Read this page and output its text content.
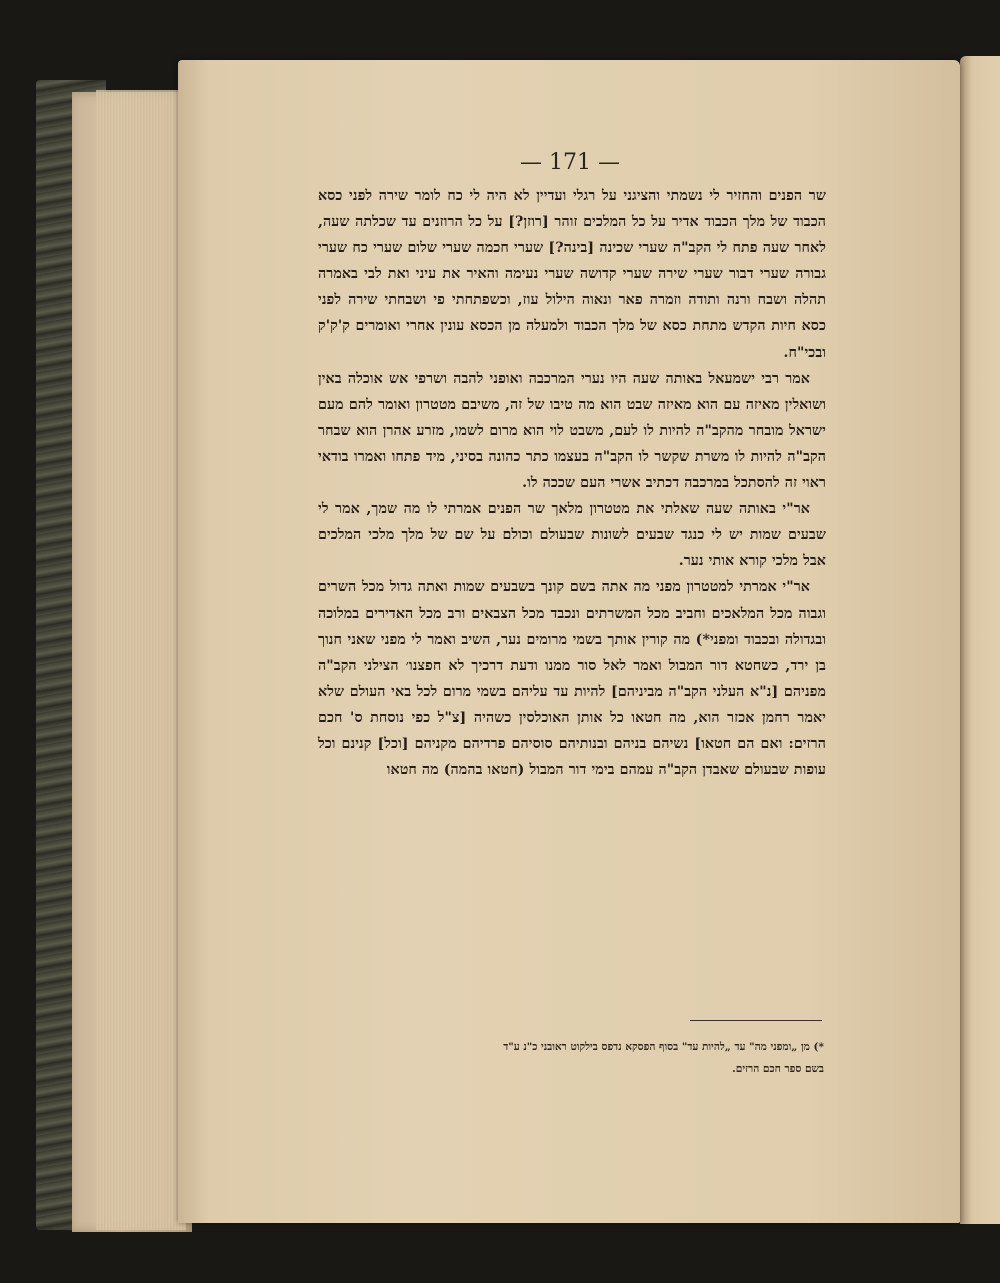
— 171 —

שר הפנים והחזיר לי נשמתי והציגני על רגלי ועדיין לא היה לי כח לומר שירה לפני כסא הכבוד של מלך הכבוד אדיר על כל המלכים זוהר [רוזן?] על כל הרוזנים עד שכלתה שעה, לאחר שעה פתח לי הקב"ה שערי שכינה [בינה?] שערי חכמה שערי שלום שערי כח שערי גבורה שערי דבור שערי שירה שערי קדושה שערי נעימה והאיר את עיני ואת לבי באמרה תהלה ושבח ורנה ותודה וזמרה פאר ונאוה הילול עוז, וכשפתחתי פי ושבחתי שירה לפני כסא חיות הקדש מתחת כסא של מלך הכבוד ולמעלה מן הכסא עונין אחרי ואומרים ק'ק'ק ובכי"ח.

אמר רבי ישמעאל באותה שעה היו נערי המרכבה ואופני להבה ושרפי אש אוכלה באין ושואלין מאיזה עם הוא מאיזה שבט הוא מה טיבו של זה, משיבם מטטרון ואומר להם מעם ישראל מובחר מהקב"ה להיות לו לעם, משבט לוי הוא מרום לשמו, מזרע אהרן הוא שבחר הקב"ה להיות לו משרת שקשר לו הקב"ה בעצמו כתר כהונה בסיני, מיד פתחו ואמרו בודאי ראוי זה להסתכל במרכבה דכתיב אשרי העם שככה לו.

אר"י באותה שעה שאלתי את מטטרון מלאך שר הפנים אמרתי לו מה שמך, אמר לי שבעים שמות יש לי כנגד שבעים לשונות שבעולם וכולם על שם של מלך מלכי המלכים אבל מלכי קורא אותי נער.

אר"י אמרתי למטטרון מפני מה אתה בשם קונך בשבעים שמות ואתה גדול מכל השרים וגבוה מכל המלאכים וחביב מכל המשרתים ונכבד מכל הצבאים ורב מכל האדירים במלוכה ובגדולה ובכבוד ומפני*) מה קורין אותך בשמי מרומים נער, השיב ואמר לי מפני שאני חנוך בן ירד, כשחטא דור המבול ואמר לאל סור ממנו ודעת דרכיך לא חפצנו׳ הצילני הקב"ה מפניהם [נ"א העלני הקב"ה מביניהם] להיות עד עליהם בשמי מרום לכל באי העולם שלא יאמר רחמן אכזר הוא, מה חטאו כל אותן האוכלסין כשהיה [צ"ל כפי נוסחת ס' חכם הרזים: ואם הם חטאו] נשיהם בניהם ובנותיהם סוסיהם פרדיהם מקניהם [וכל] קנינם וכל עופות שבעולם שאבדן הקב"ה עמהם בימי דור המבול (חטאו בהמה) מה חטאו

*) מן „ומפני מה" עד „להיות עד" בסוף הפסקא נדפס בילקוט ראובני כ"נ ע"ד
בשם ספר חכם הרזים.
